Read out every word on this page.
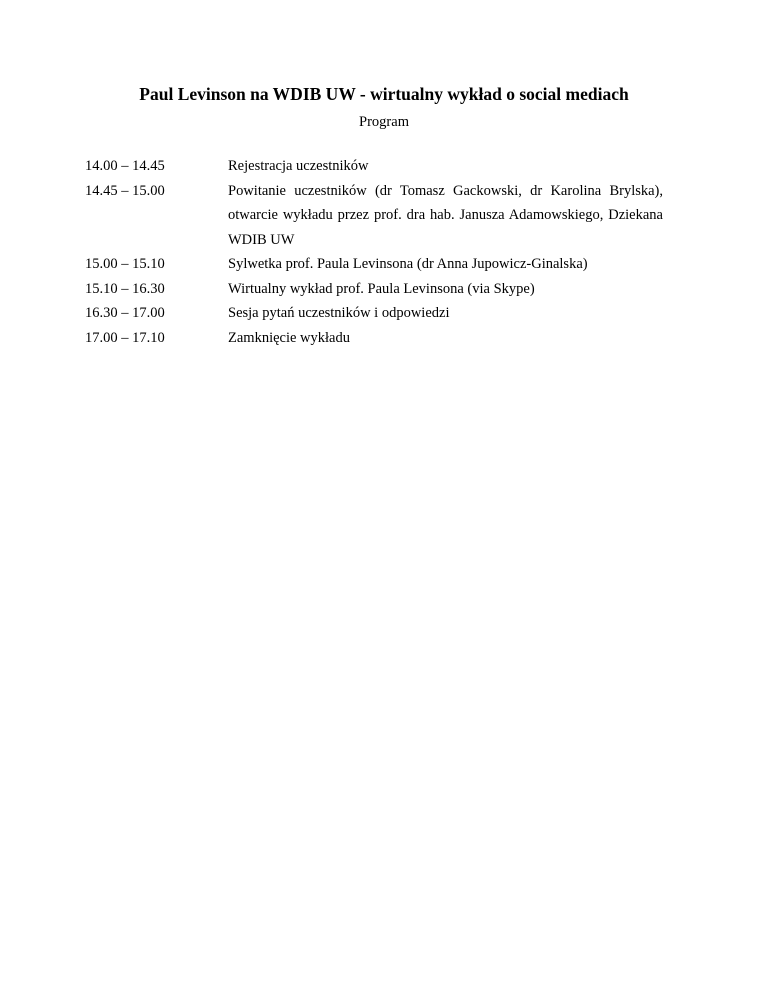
Paul Levinson na WDIB UW - wirtualny wykład o social mediach
Program
14.00 – 14.45	Rejestracja uczestników
14.45 – 15.00	Powitanie uczestników (dr Tomasz Gackowski, dr Karolina Brylska), otwarcie wykładu przez prof. dra hab. Janusza Adamowskiego, Dziekana WDIB UW
15.00 – 15.10	Sylwetka prof. Paula Levinsona (dr Anna Jupowicz-Ginalska)
15.10 – 16.30	Wirtualny wykład prof. Paula Levinsona (via Skype)
16.30 – 17.00	Sesja pytań uczestników i odpowiedzi
17.00 – 17.10	Zamknięcie wykładu
